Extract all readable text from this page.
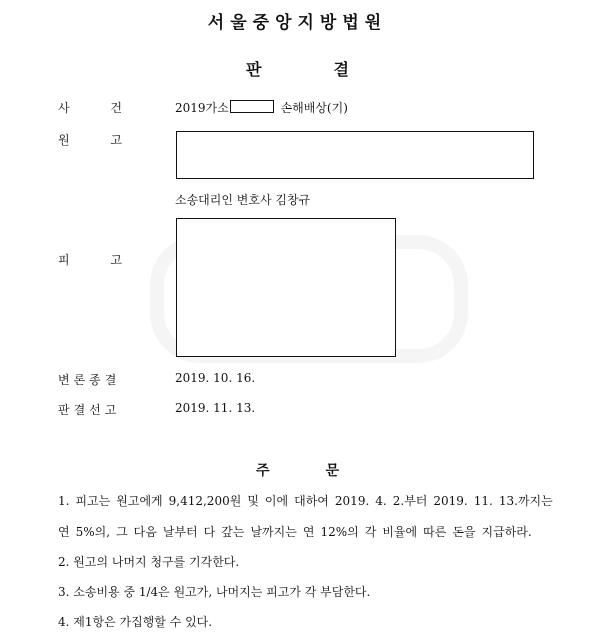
서울중앙지방법원
판결
사	건	2019가소	손해배상(기)
원	고
소송대리인 변호사 김창규
피	고
변론종결	2019. 10. 16.
판결선고	2019. 11. 13.
주문
1. 피고는 원고에게 9,412,200원 및 이에 대하여 2019. 4. 2.부터 2019. 11. 13.까지는
연 5%의, 그 다음 날부터 다 갚는 날까지는 연 12%의 각 비율에 따른 돈을 지급하라.
2. 원고의 나머지 청구를 기각한다.
3. 소송비용 중 1/4은 원고가, 나머지는 피고가 각 부담한다.
4. 제1항은 가집행할 수 있다.
